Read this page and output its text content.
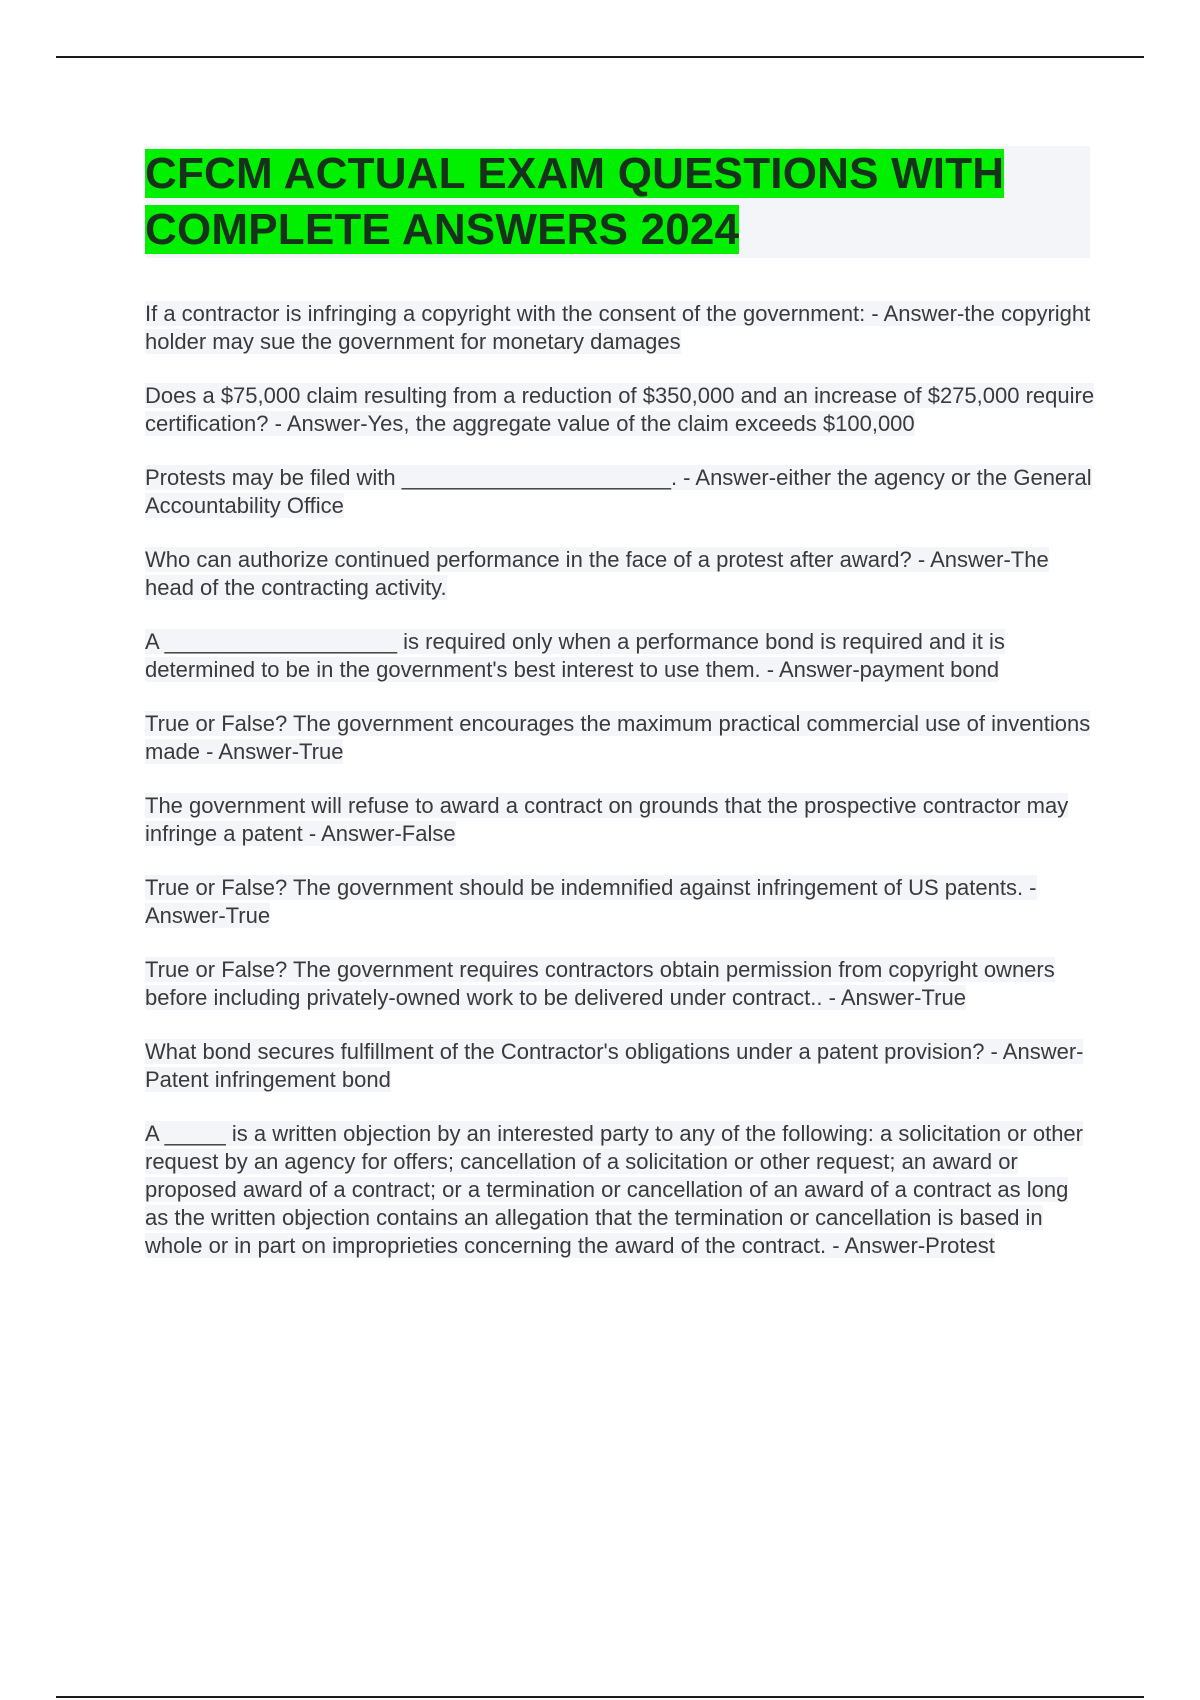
CFCM ACTUAL EXAM QUESTIONS WITH
COMPLETE ANSWERS 2024

If a contractor is infringing a copyright with the consent of the government: - Answer-the copyright holder may sue the government for monetary damages

Does a $75,000 claim resulting from a reduction of $350,000 and an increase of $275,000 require certification? - Answer-Yes, the aggregate value of the claim exceeds $100,000

Protests may be filed with ______________________. - Answer-either the agency or the General Accountability Office

Who can authorize continued performance in the face of a protest after award? - Answer-The head of the contracting activity.

A ___________________ is required only when a performance bond is required and it is determined to be in the government's best interest to use them. - Answer-payment bond

True or False? The government encourages the maximum practical commercial use of inventions made - Answer-True

The government will refuse to award a contract on grounds that the prospective contractor may infringe a patent - Answer-False

True or False? The government should be indemnified against infringement of US patents. - Answer-True

True or False? The government requires contractors obtain permission from copyright owners before including privately-owned work to be delivered under contract.. - Answer-True

What bond secures fulfillment of the Contractor's obligations under a patent provision? - Answer-Patent infringement bond

A _____ is a written objection by an interested party to any of the following: a solicitation or other request by an agency for offers; cancellation of a solicitation or other request; an award or proposed award of a contract; or a termination or cancellation of an award of a contract as long as the written objection contains an allegation that the termination or cancellation is based in whole or in part on improprieties concerning the award of the contract. - Answer-Protest
